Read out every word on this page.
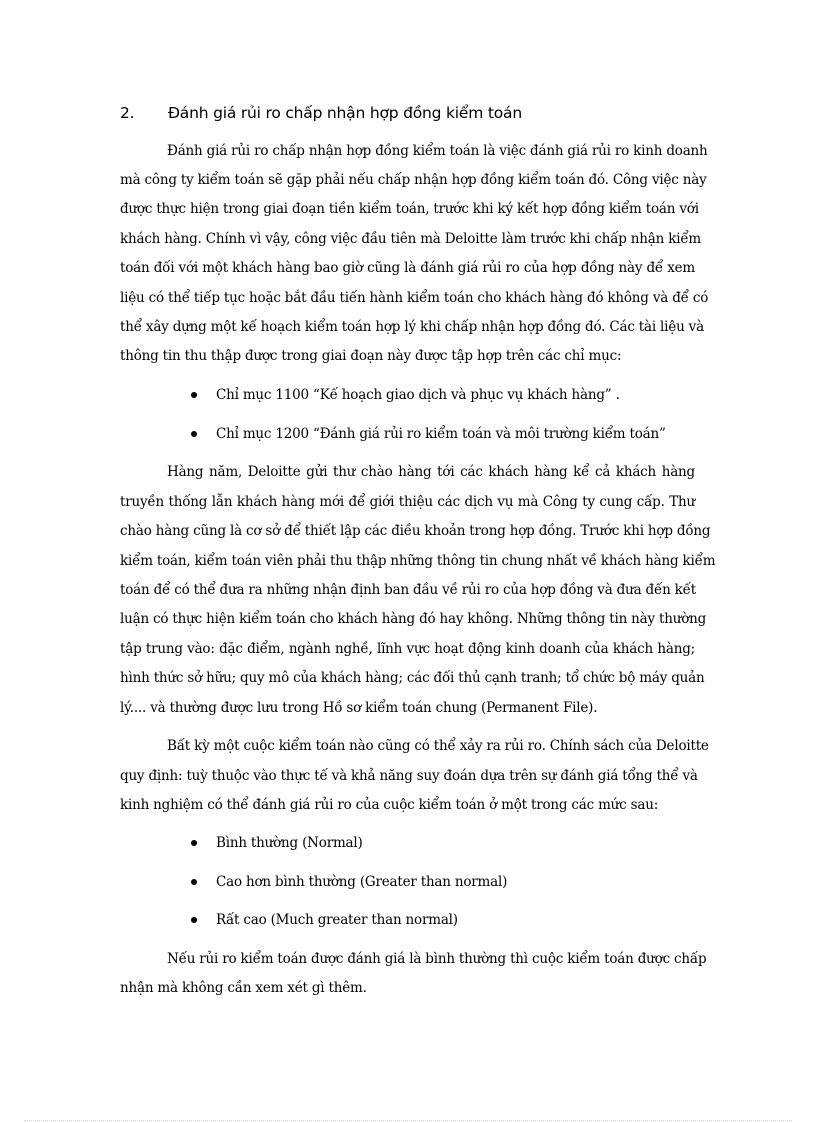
2. Đánh giá rủi ro chấp nhận hợp đồng kiểm toán
Đánh giá rủi ro chấp nhận hợp đồng kiểm toán là việc đánh giá rủi ro kinh doanh
mà công ty kiểm toán sẽ gặp phải nếu chấp nhận hợp đồng kiểm toán đó. Công việc này
được thực hiện trong giai đoạn tiền kiểm toán, trước khi ký kết hợp đồng kiểm toán với
khách hàng. Chính vì vậy, công việc đầu tiên mà Deloitte làm trước khi chấp nhận kiểm
toán đối với một khách hàng bao giờ cũng là đánh giá rủi ro của hợp đồng này để xem
liệu có thể tiếp tục hoặc bắt đầu tiến hành kiểm toán cho khách hàng đó không và để có
thể xây dựng một kế hoạch kiểm toán hợp lý khi chấp nhận hợp đồng đó. Các tài liệu và
thông tin thu thập được trong giai đoạn này được tập hợp trên các chỉ mục:
Chỉ mục 1100 “Kế hoạch giao dịch và phục vụ khách hàng” .
Chỉ mục 1200 “Đánh giá rủi ro kiểm toán và môi trường kiểm toán”
Hàng năm, Deloitte gửi thư chào hàng tới các khách hàng kể cả khách hàng
truyền thống lẫn khách hàng mới để giới thiệu các dịch vụ mà Công ty cung cấp. Thư
chào hàng cũng là cơ sở để thiết lập các điều khoản trong hợp đồng. Trước khi hợp đồng
kiểm toán, kiểm toán viên phải thu thập những thông tin chung nhất về khách hàng kiểm
toán để có thể đưa ra những nhận định ban đầu về rủi ro của hợp đồng và đưa đến kết
luận có thực hiện kiểm toán cho khách hàng đó hay không. Những thông tin này thường
tập trung vào: đặc điểm, ngành nghề, lĩnh vực hoạt động kinh doanh của khách hàng;
hình thức sở hữu; quy mô của khách hàng; các đối thủ cạnh tranh; tổ chức bộ máy quản
lý.... và thường được lưu trong Hồ sơ kiểm toán chung (Permanent File).
Bất kỳ một cuộc kiểm toán nào cũng có thể xảy ra rủi ro. Chính sách của Deloitte
quy định: tuỳ thuộc vào thực tế và khả năng suy đoán dựa trên sự đánh giá tổng thể và
kinh nghiệm có thể đánh giá rủi ro của cuộc kiểm toán ở một trong các mức sau:
Bình thường (Normal)
Cao hơn bình thường (Greater than normal)
Rất cao (Much greater than normal)
Nếu rủi ro kiểm toán được đánh giá là bình thường thì cuộc kiểm toán được chấp
nhận mà không cần xem xét gì thêm.
